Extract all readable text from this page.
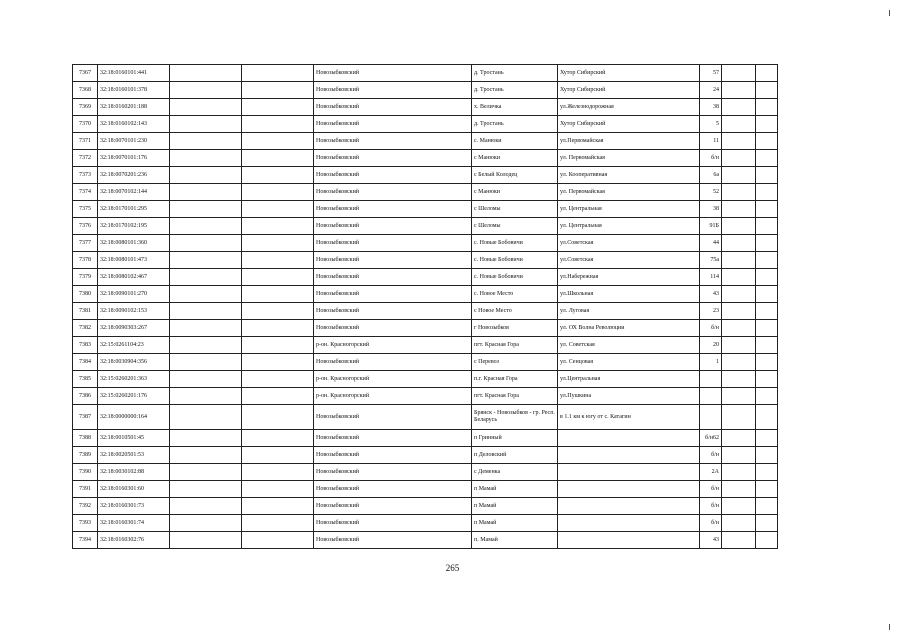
7367	32:18:0160101:441			Новозыбковский	д. Тростань	Хутор Сибирский	57		
7368	32:18:0160101:378			Новозыбковский	д. Тростань	Хутор Сибирский	24		
7369	32:18:0160201:188			Новозыбковский	х. Величка	ул.Железнодорожная	38		
7370	32:18:0160102:143			Новозыбковский	д. Тростань	Хутор Сибирский	5		
7371	32:18:0070101:230			Новозыбковский	с. Манюки	ул.Первомайская	11		
7372	32:18:0070101:176			Новозыбковский	с Манюки	ул. Первомайская	б/н		
7373	32:18:0070201:236			Новозыбковский	с Белый Колодец	ул. Кооперативная	6а		
7374	32:18:0070102:144			Новозыбковский	с Манюки	ул. Первомайская	52		
7375	32:18:0170101:295			Новозыбковский	с Шеломы	ул. Центральная	38		
7376	32:18:0170102:195			Новозыбковский	с Шеломы	ул. Центральная	91Б		
7377	32:18:0080101:360			Новозыбковский	с. Новые Бобовичи	ул.Советская	44		
7378	32:18:0080101:473			Новозыбковский	с. Новые Бобовичи	ул.Советская	75а		
7379	32:18:0080102:467			Новозыбковский	с. Новые Бобовичи	ул.Набережная	114		
7380	32:18:0090101:270			Новозыбковский	с. Новое Место	ул.Школьная	43		
7381	32:18:0090102:153			Новозыбковский	с Новое Место	ул. Луговая	23		
7382	32:18:0090303:267			Новозыбковский	г Новозыбков	ул. ОХ Волна Революции	б/н		
7383	32:15:0261104:23			р-он. Красногорский	пгт. Красная Гора	ул. Советская	20		
7384	32:18:0030904:356			Новозыбковский	с Перевоз	ул. Сенцовая	1		
7385	32:15:0260201:363			р-он. Красногорский	п.г. Красная Гора	ул.Центральная			
7386	32:15:0260201:176			р-он. Красногорский	пгт. Красная Гора	ул.Пушкина			
7387	32:18:0000000:164			Новозыбковский	Брянск - Новозыбков - гр. Респ. Беларусь	в 1.1 км к югу от с. Катагин			
7388	32:18:0010501:45			Новозыбковский	п Гринный		б/н62		
7389	32:18:0020501:53			Новозыбковский	п Деловский		б/н		
7390	32:18:0030102:88			Новозыбковский	с Деменка		2А		
7391	32:18:0160301:60			Новозыбковский	п Мамай		б/н		
7392	32:18:0160301:73			Новозыбковский	п Мамай		б/н		
7393	32:18:0160301:74			Новозыбковский	п Мамай		б/н		
7394	32:18:0160302:76			Новозыбковский	п. Мамай		43		
265
